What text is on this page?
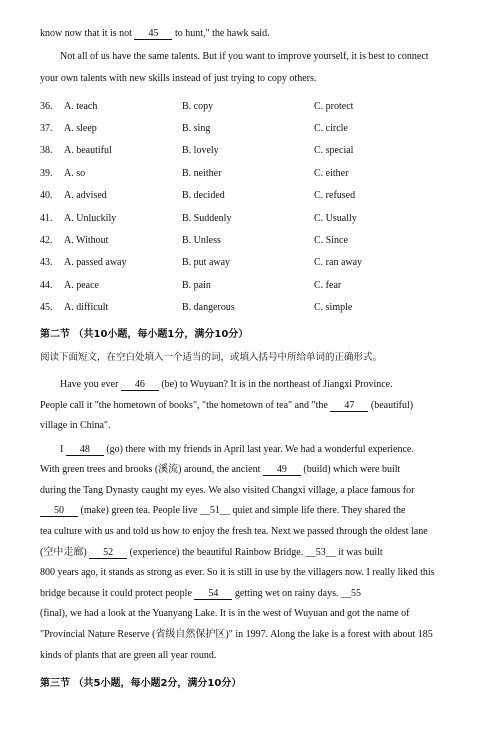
know now that it is not 45 to hunt," the hawk said.
Not all of us have the same talents. But if you want to improve yourself, it is best to connect
your own talents with new skills instead of just trying to copy others.
36.	A. teach	B. copy	C. protect
37.	A. sleep	B. sing	C. circle
38.	A. beautiful	B. lovely	C. special
39.	A. so	B. neither	C. either
40.	A. advised	B. decided	C. refused
41.	A. Unluckily	B. Suddenly	C. Usually
42.	A. Without	B. Unless	C. Since
43.	A. passed away	B. put away	C. ran away
44.	A. peace	B. pain	C. fear
45.	A. difficult	B. dangerous	C. simple
第二节 （共10小题，每小题1分，满分10分）
阅读下面短文，在空白处填入一个适当的词，或填入括号中所给单词的正确形式。
Have you ever 46 (be) to Wuyuan? It is in the northeast of Jiangxi Province.
People call it "the hometown of books", "the hometown of tea" and "the 47 (beautiful)
village in China".
I 48 (go) there with my friends in April last year. We had a wonderful experience.
With green trees and brooks (溪流) around, the ancient 49 (build) which were built
during the Tang Dynasty caught my eyes. We also visited Changxi village, a place famous for
50 (make) green tea. People live __51__ quiet and simple life there. They shared the
tea culture with us and told us how to enjoy the fresh tea. Next we passed through the oldest lane
(空中走廊) 52 (experience) the beautiful Rainbow Bridge. __53__ it was built
800 years ago, it stands as strong as ever. So it is still in use by the villagers now. I really liked this
bridge because it could protect people 54 getting wet on rainy days. __55
(final), we had a look at the Yuanyang Lake. It is in the west of Wuyuan and got the name of
"Provincial Nature Reserve (省级自然保护区)" in 1997. Along the lake is a forest with about 185
kinds of plants that are green all year round.
第三节 （共5小题，每小题2分，满分10分）
